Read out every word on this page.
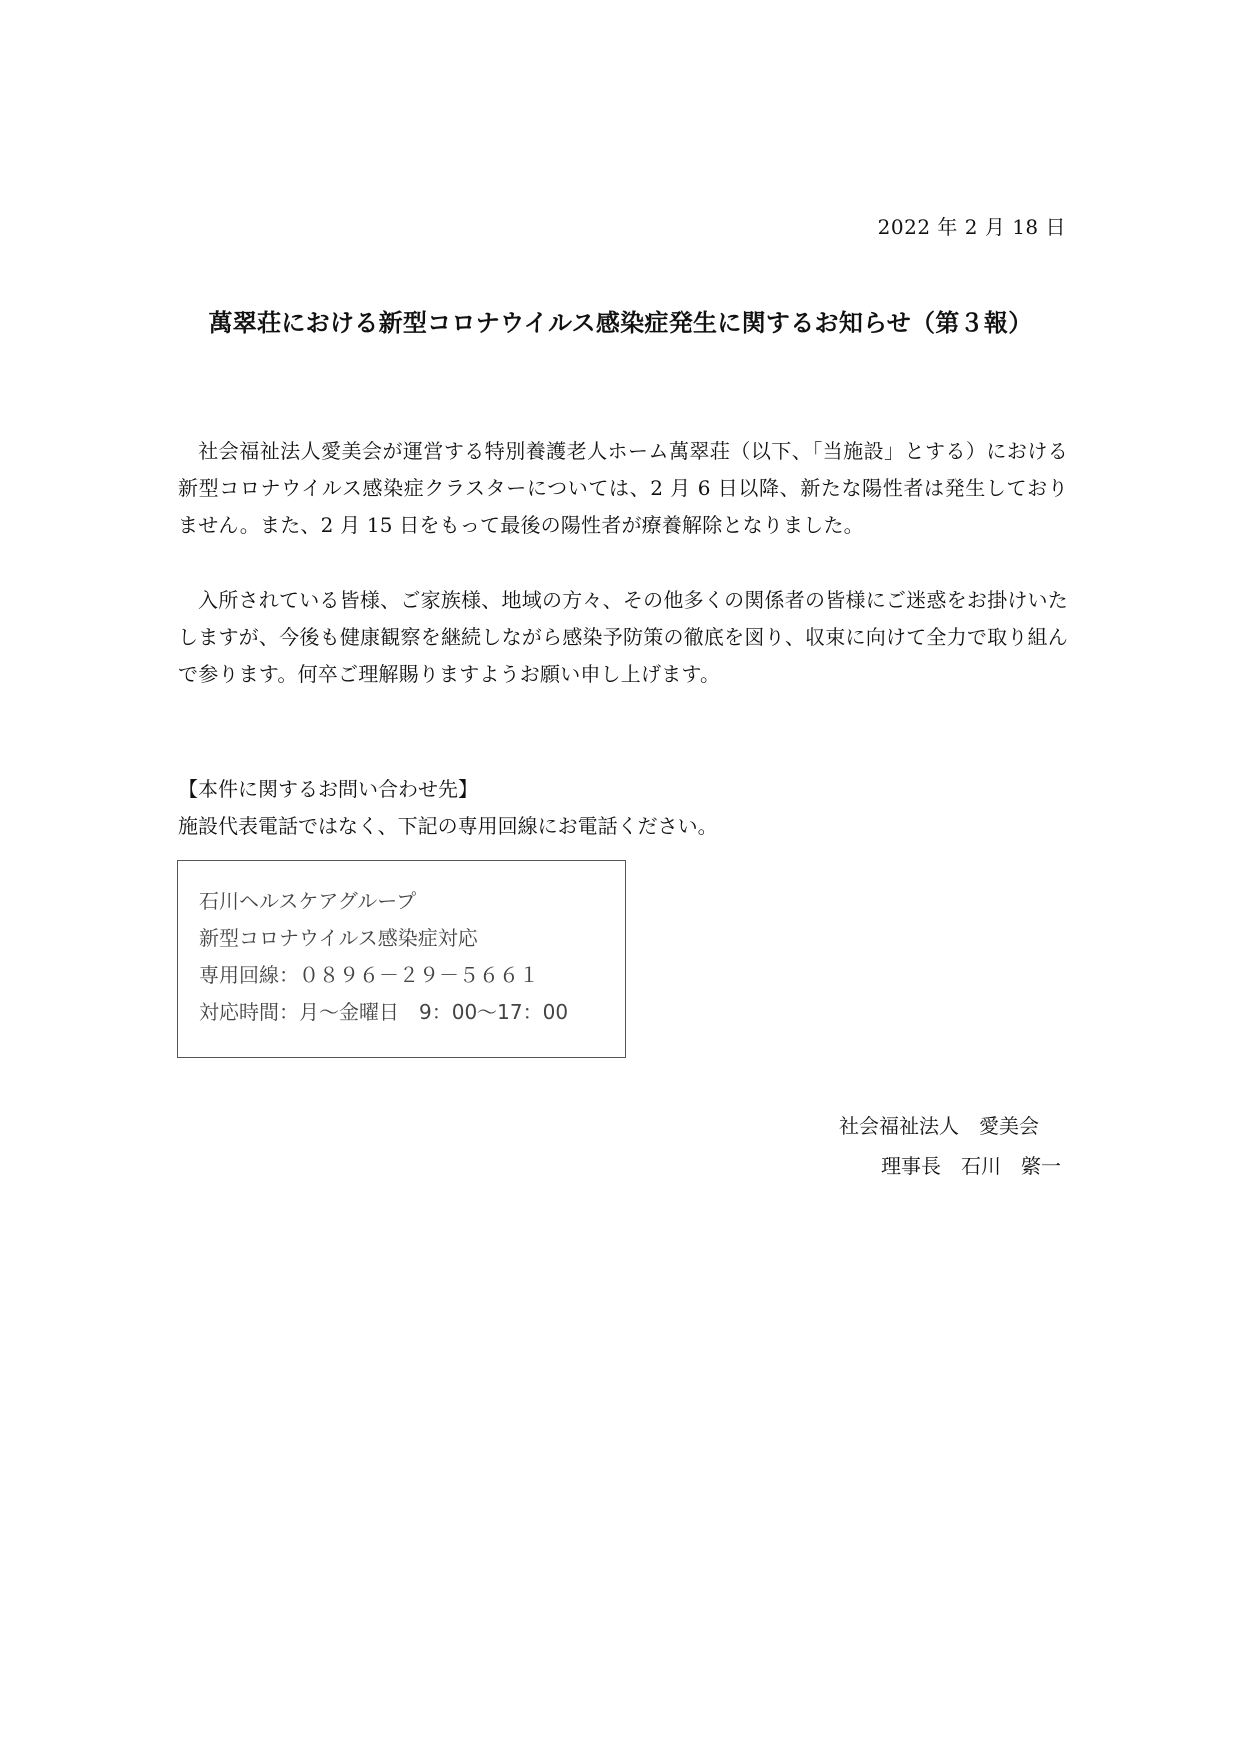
2022 年 2 月 18 日
萬翠荘における新型コロナウイルス感染症発生に関するお知らせ（第３報）
社会福祉法人愛美会が運営する特別養護老人ホーム萬翠荘（以下、「当施設」とする）における新型コロナウイルス感染症クラスターについては、2 月 6 日以降、新たな陽性者は発生しておりません。また、2 月 15 日をもって最後の陽性者が療養解除となりました。
入所されている皆様、ご家族様、地域の方々、その他多くの関係者の皆様にご迷惑をお掛けいたしますが、今後も健康観察を継続しながら感染予防策の徹底を図り、収束に向けて全力で取り組んで参ります。何卒ご理解賜りますようお願い申し上げます。
【本件に関するお問い合わせ先】
施設代表電話ではなく、下記の専用回線にお電話ください。
石川ヘルスケアグループ
新型コロナウイルス感染症対応
専用回線：０８９６－２９－５６６１
対応時間：月～金曜日　9：00～17：00
社会福祉法人　愛美会
理事長　石川　綮一
